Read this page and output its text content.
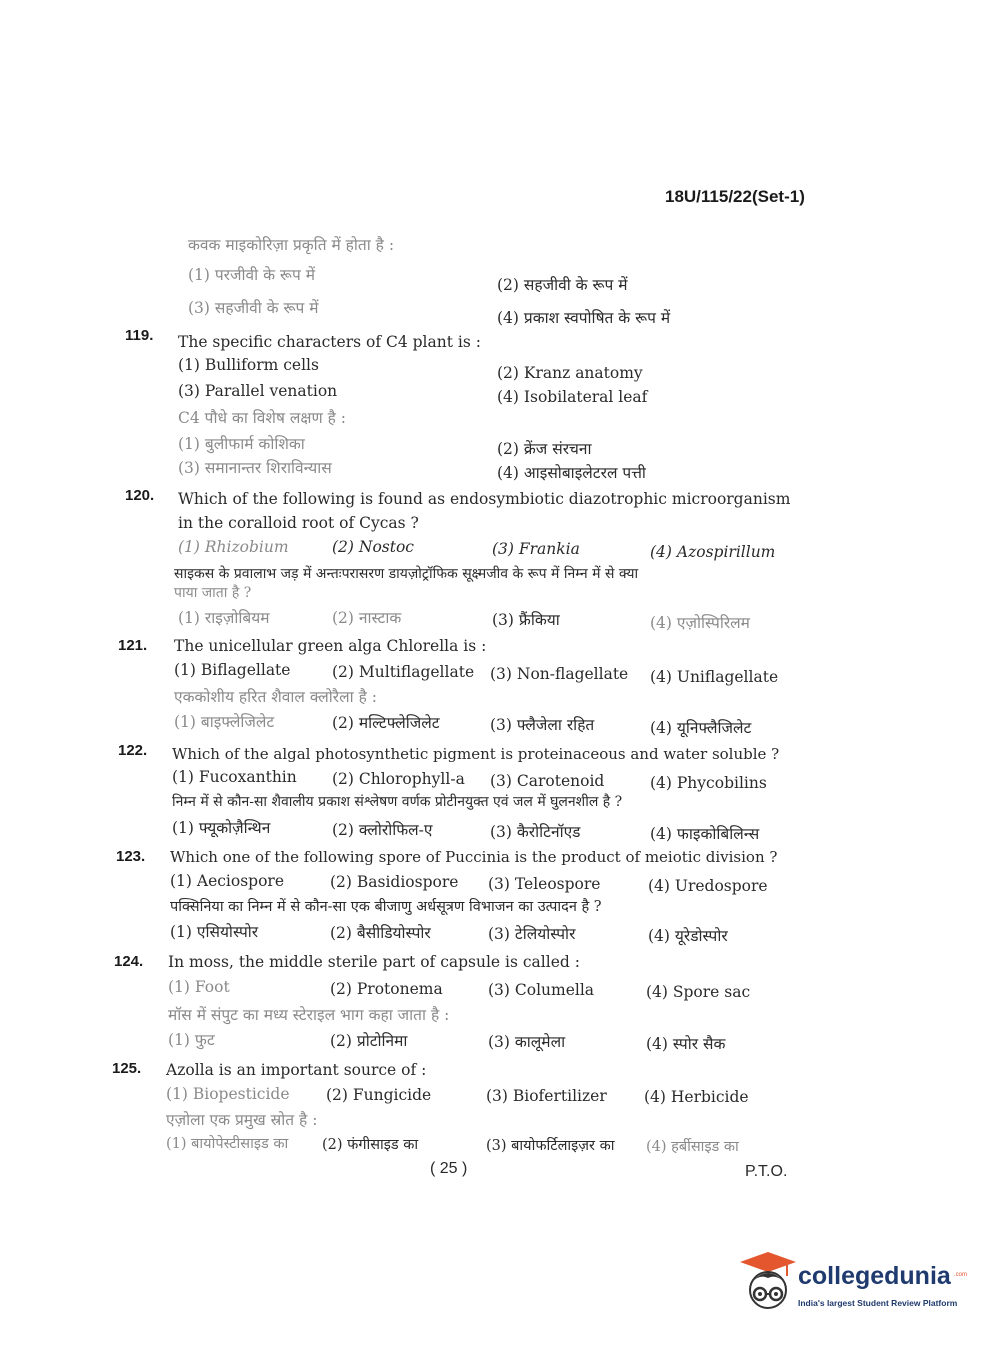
18U/115/22(Set-1)
कवक माइकोरिज़ा प्रकृति में होता है :
(1) परजीवी के रूप में
(2) सहजीवी के रूप में
(3) सहजीवी के रूप में
(4) प्रकाश स्वपोषित के रूप में
119. The specific characters of C4 plant is :
(1) Bulliform cells	(2) Kranz anatomy
(3) Parallel venation	(4) Isobilateral leaf
C4 पौधे का विशेष लक्षण है :
(1) बुलीफार्म कोशिका	(2) क्रेंज संरचना
(3) समानान्तर शिराविन्यास	(4) आइसोबाइलेटरल पत्ती
120. Which of the following is found as endosymbiotic diazotrophic microorganism
in the coralloid root of Cycas ?
(1) Rhizobium	(2) Nostoc	(3) Frankia	(4) Azospirillum
साइकस के प्रवालाभ जड़ में अन्तःपरासरण डायज़ोट्रॉफिक सूक्ष्मजीव के रूप में निम्न में से क्या
पाया जाता है ?
(1) राइज़ोबियम	(2) नास्टाक	(3) फ्रैंकिया	(4) एज़ोस्पिरिलम
121. The unicellular green alga Chlorella is :
(1) Biflagellate	(2) Multiflagellate (3) Non-flagellate (4) Uniflagellate
एककोशीय हरित शैवाल क्लोरैला है :
(1) बाइफ्लेजिलेट	(2) मल्टिफ्लेजिलेट	(3) फ्लैजेला रहित	(4) यूनिफ्लैजिलेट
122. Which of the algal photosynthetic pigment is proteinaceous and water soluble ?
(1) Fucoxanthin (2) Chlorophyll-a (3) Carotenoid	(4) Phycobilins
निम्न में से कौन-सा शैवालीय प्रकाश संश्लेषण वर्णक प्रोटीनयुक्त एवं जल में घुलनशील है ?
(1) फ्यूकोज़ैन्थिन	(2) क्लोरोफिल-ए	(3) कैरोटिनॉएड	(4) फाइकोबिलिन्स
123. Which one of the following spore of Puccinia is the product of meiotic division ?
(1) Aeciospore	(2) Basidiospore (3) Teleospore	(4) Uredospore
पक्सिनिया का निम्न में से कौन-सा एक बीजाणु अर्धसूत्रण विभाजन का उत्पादन है ?
(1) एसियोस्पोर	(2) बैसीडियोस्पोर	(3) टेलियोस्पोर	(4) यूरेडोस्पोर
124. In moss, the middle sterile part of capsule is called :
(1) Foot	(2) Protonema	(3) Columella	(4) Spore sac
मॉस में संपुट का मध्य स्टेराइल भाग कहा जाता है :
(1) फुट	(2) प्रोटोनिमा	(3) कालूमेला	(4) स्पोर सैक
125. Azolla is an important source of :
(1) Biopesticide (2) Fungicide	(3) Biofertilizer (4) Herbicide
एज़ोला एक प्रमुख स्रोत है :
(1) बायोपेस्टीसाइड का (2) फंगीसाइड का	(3) बायोफर्टिलाइज़र का (4) हर्बीसाइड का
( 25 )	P.T.O.
collegedunia .com
India's largest Student Review Platform
